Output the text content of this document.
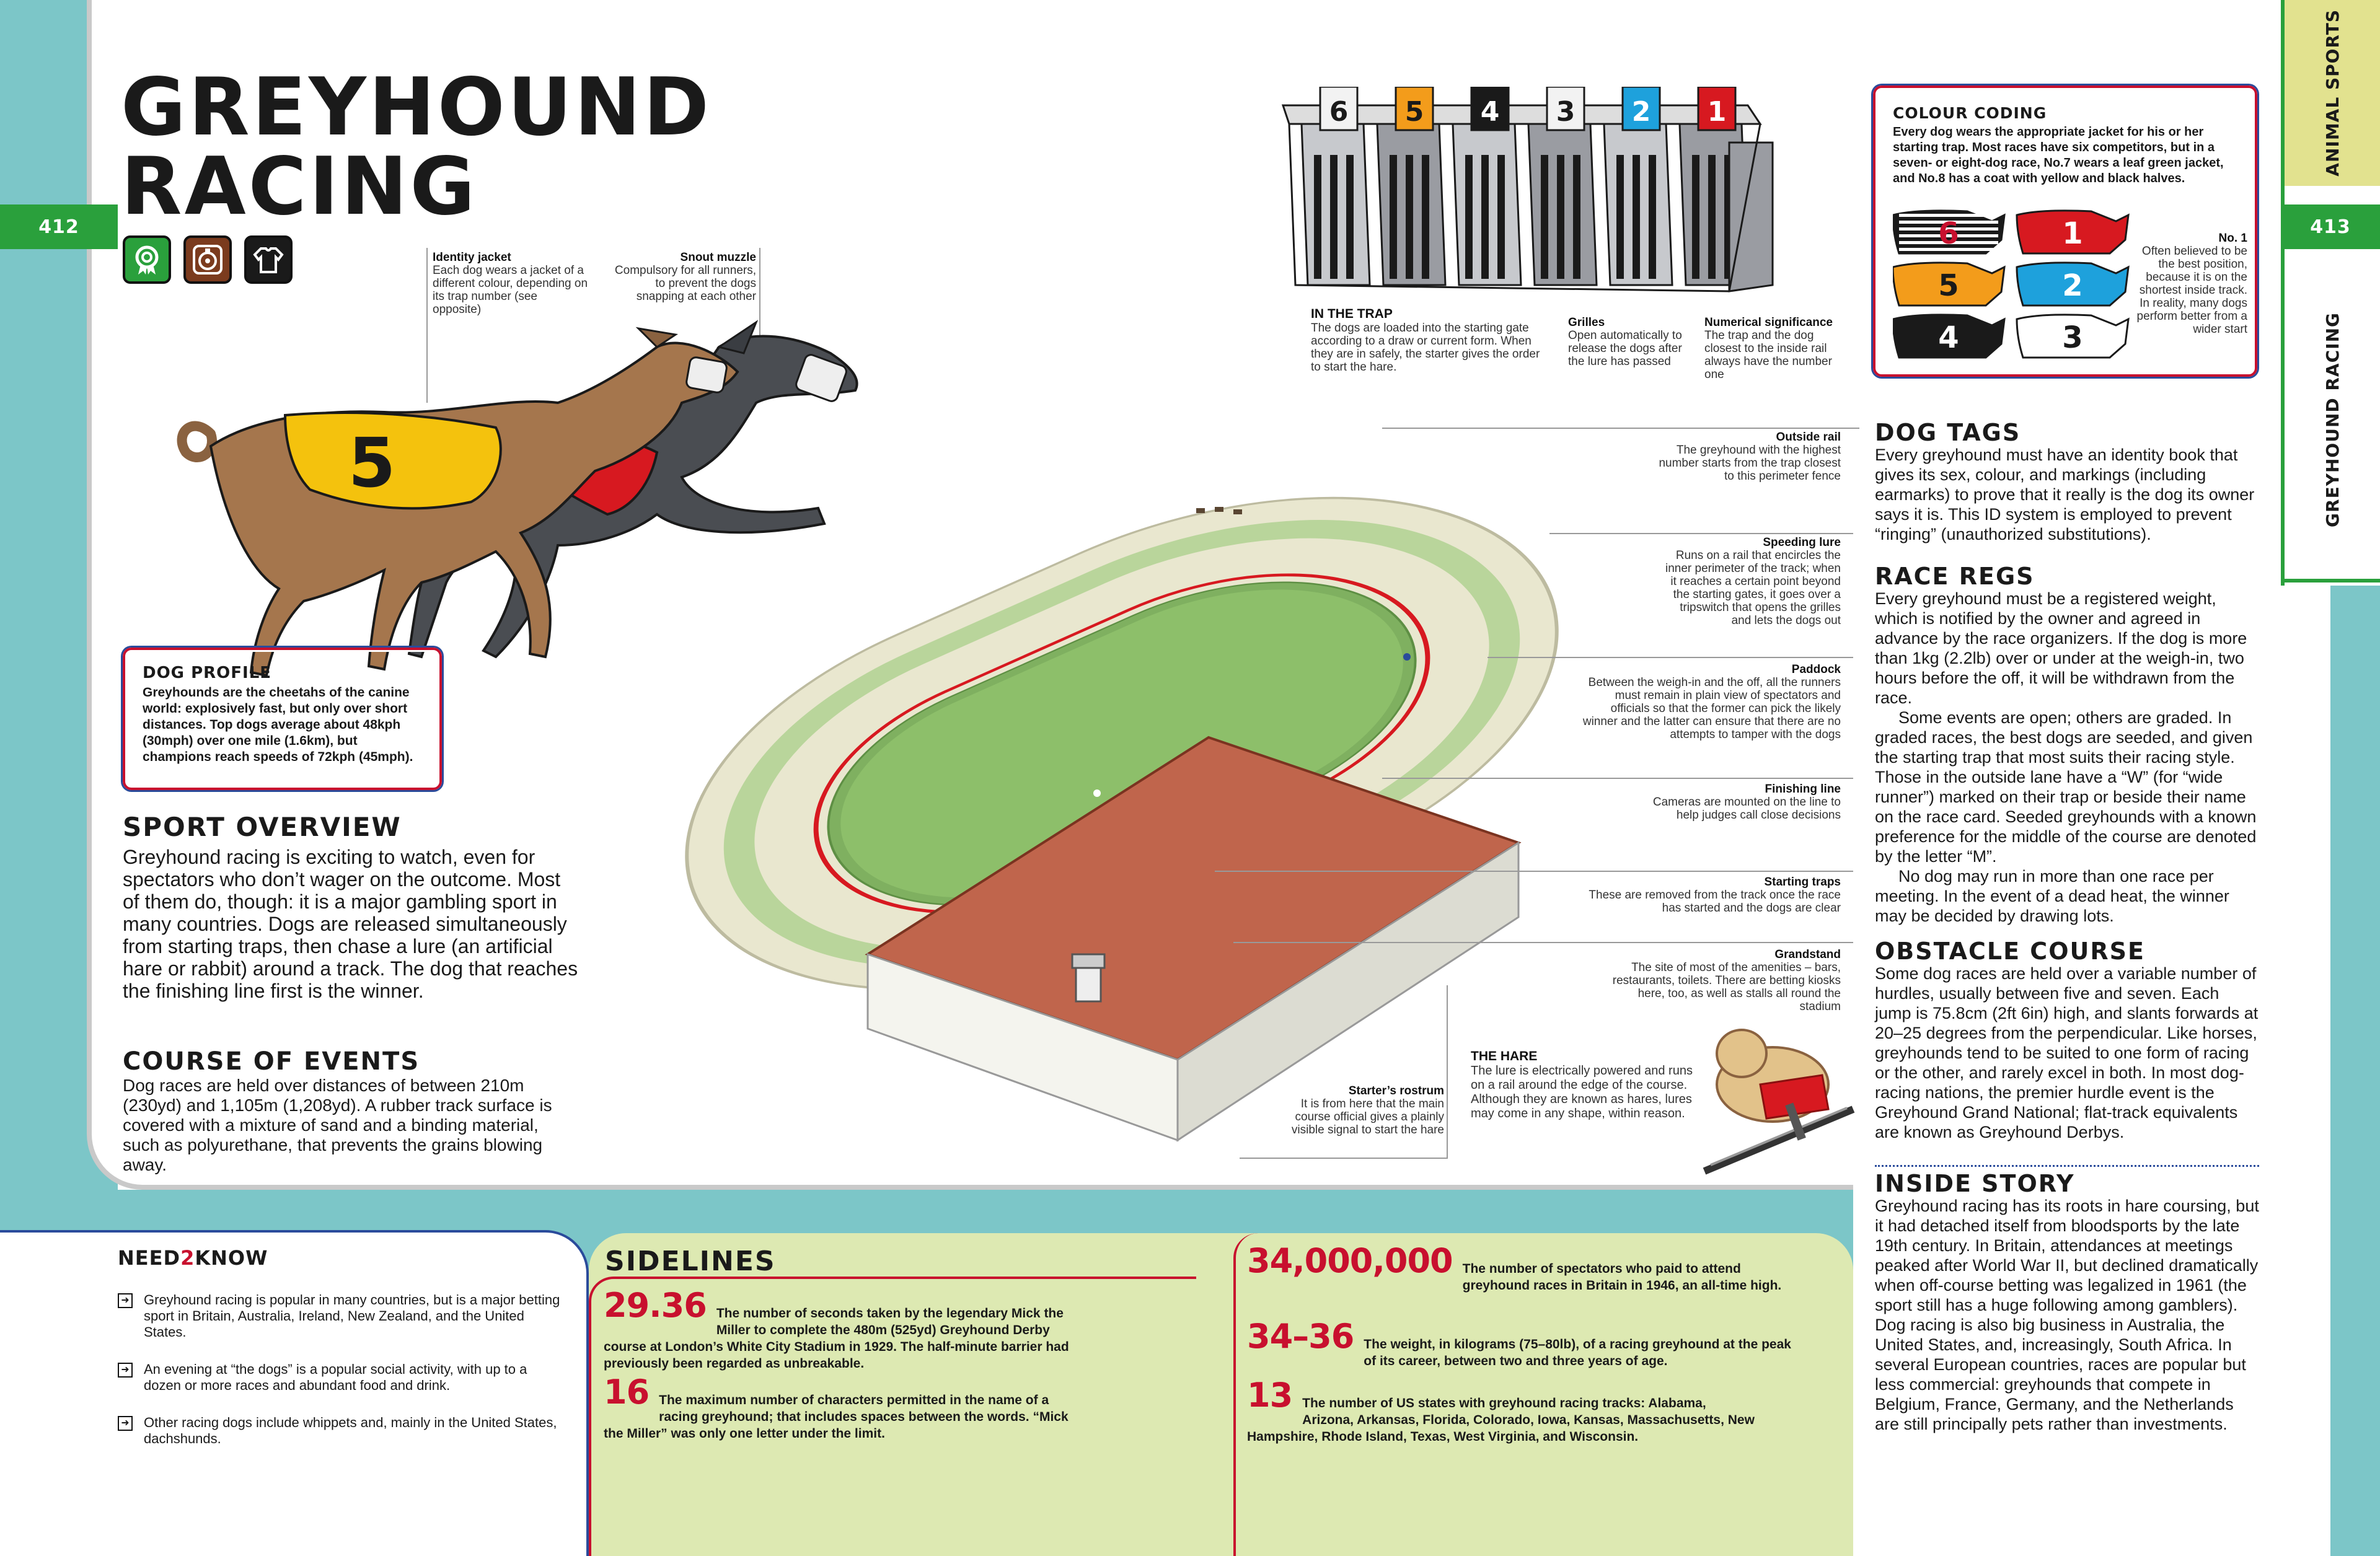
412
ANIMAL SPORTS
413
GREYHOUND RACING
GREYHOUND
RACING
Identity jacket
Each dog wears a jacket of a different colour, depending on its trap number (see opposite)
Snout muzzle
Compulsory for all runners, to prevent the dogs snapping at each other
5
DOG PROFILE
Greyhounds are the cheetahs of the canine world: explosively fast, but only over short distances. Top dogs average about 48kph (30mph) over one mile (1.6km), but champions reach speeds of 72kph (45mph).
SPORT OVERVIEW
Greyhound racing is exciting to watch, even for spectators who don’t wager on the outcome. Most of them do, though: it is a major gambling sport in many countries. Dogs are released simultaneously from starting traps, then chase a lure (an artificial hare or rabbit) around a track. The dog that reaches the finishing line first is the winner.
COURSE OF EVENTS
Dog races are held over distances of between 210m (230yd) and 1,105m (1,208yd). A rubber track surface is covered with a mixture of sand and a binding material, such as polyurethane, that prevents the grains blowing away.
6 5 4 3 2 1
IN THE TRAP
The dogs are loaded into the starting gate according to a draw or current form. When they are in safely, the starter gives the order to start the hare.
Grilles
Open automatically to release the dogs after the lure has passed
Numerical significance
The trap and the dog closest to the inside rail always have the number one
COLOUR CODING
Every dog wears the appropriate jacket for his or her starting trap. Most races have six competitors, but in a seven- or eight-dog race, No.7 wears a leaf green jacket, and No.8 has a coat with yellow and black halves.
6	1
5	2
4	3
No. 1
Often believed to be the best position, because it is on the shortest inside track. In reality, many dogs perform better from a wider start
Outside rail
The greyhound with the highest number starts from the trap closest to this perimeter fence
Speeding lure
Runs on a rail that encircles the inner perimeter of the track; when it reaches a certain point beyond the starting gates, it goes over a tripswitch that opens the grilles and lets the dogs out
Paddock
Between the weigh-in and the off, all the runners must remain in plain view of spectators and officials so that the former can pick the likely winner and the latter can ensure that there are no attempts to tamper with the dogs
Finishing line
Cameras are mounted on the line to help judges call close decisions
Starting traps
These are removed from the track once the race has started and the dogs are clear
Grandstand
The site of most of the amenities – bars, restaurants, toilets. There are betting kiosks here, too, as well as stalls all round the stadium
Starter’s rostrum
It is from here that the main course official gives a plainly visible signal to start the hare
THE HARE
The lure is electrically powered and runs on a rail around the edge of the course. Although they are known as hares, lures may come in any shape, within reason.
DOG TAGS
Every greyhound must have an identity book that gives its sex, colour, and markings (including earmarks) to prove that it really is the dog its owner says it is. This ID system is employed to prevent “ringing” (unauthorized substitutions).
RACE REGS
Every greyhound must be a registered weight, which is notified by the owner and agreed in advance by the race organizers. If the dog is more than 1kg (2.2lb) over or under at the weigh-in, two hours before the off, it will be withdrawn from the race.
Some events are open; others are graded. In graded races, the best dogs are seeded, and given the starting trap that most suits their racing style. Those in the outside lane have a “W” (for “wide runner”) marked on their trap or beside their name on the race card. Seeded greyhounds with a known preference for the middle of the course are denoted by the letter “M”.
No dog may run in more than one race per meeting. In the event of a dead heat, the winner may be decided by drawing lots.
OBSTACLE COURSE
Some dog races are held over a variable number of hurdles, usually between five and seven. Each jump is 75.8cm (2ft 6in) high, and slants forwards at 20–25 degrees from the perpendicular. Like horses, greyhounds tend to be suited to one form of racing or the other, and rarely excel in both. In most dog-racing nations, the premier hurdle event is the Greyhound Grand National; flat-track equivalents are known as Greyhound Derbys.
INSIDE STORY
Greyhound racing has its roots in hare coursing, but it had detached itself from bloodsports by the late 19th century. In Britain, attendances at meetings peaked after World War II, but declined dramatically when off-course betting was legalized in 1961 (the sport still has a huge following among gamblers). Dog racing is also big business in Australia, the United States, and, increasingly, South Africa. In several European countries, races are popular but less commercial: greyhounds that compete in Belgium, France, Germany, and the Netherlands are still principally pets rather than investments.
NEED2KNOW
➜ Greyhound racing is popular in many countries, but is a major betting sport in Britain, Australia, Ireland, New Zealand, and the United States.
➜ An evening at “the dogs” is a popular social activity, with up to a dozen or more races and abundant food and drink.
➜ Other racing dogs include whippets and, mainly in the United States, dachshunds.
SIDELINES
29.36 The number of seconds taken by the legendary Mick the Miller to complete the 480m (525yd) Greyhound Derby course at London’s White City Stadium in 1929. The half-minute barrier had previously been regarded as unbreakable.
16 The maximum number of characters permitted in the name of a racing greyhound; that includes spaces between the words. “Mick the Miller” was only one letter under the limit.
34,000,000 The number of spectators who paid to attend greyhound races in Britain in 1946, an all-time high.
34–36 The weight, in kilograms (75–80lb), of a racing greyhound at the peak of its career, between two and three years of age.
13 The number of US states with greyhound racing tracks: Alabama, Arizona, Arkansas, Florida, Colorado, Iowa, Kansas, Massachusetts, New Hampshire, Rhode Island, Texas, West Virginia, and Wisconsin.
